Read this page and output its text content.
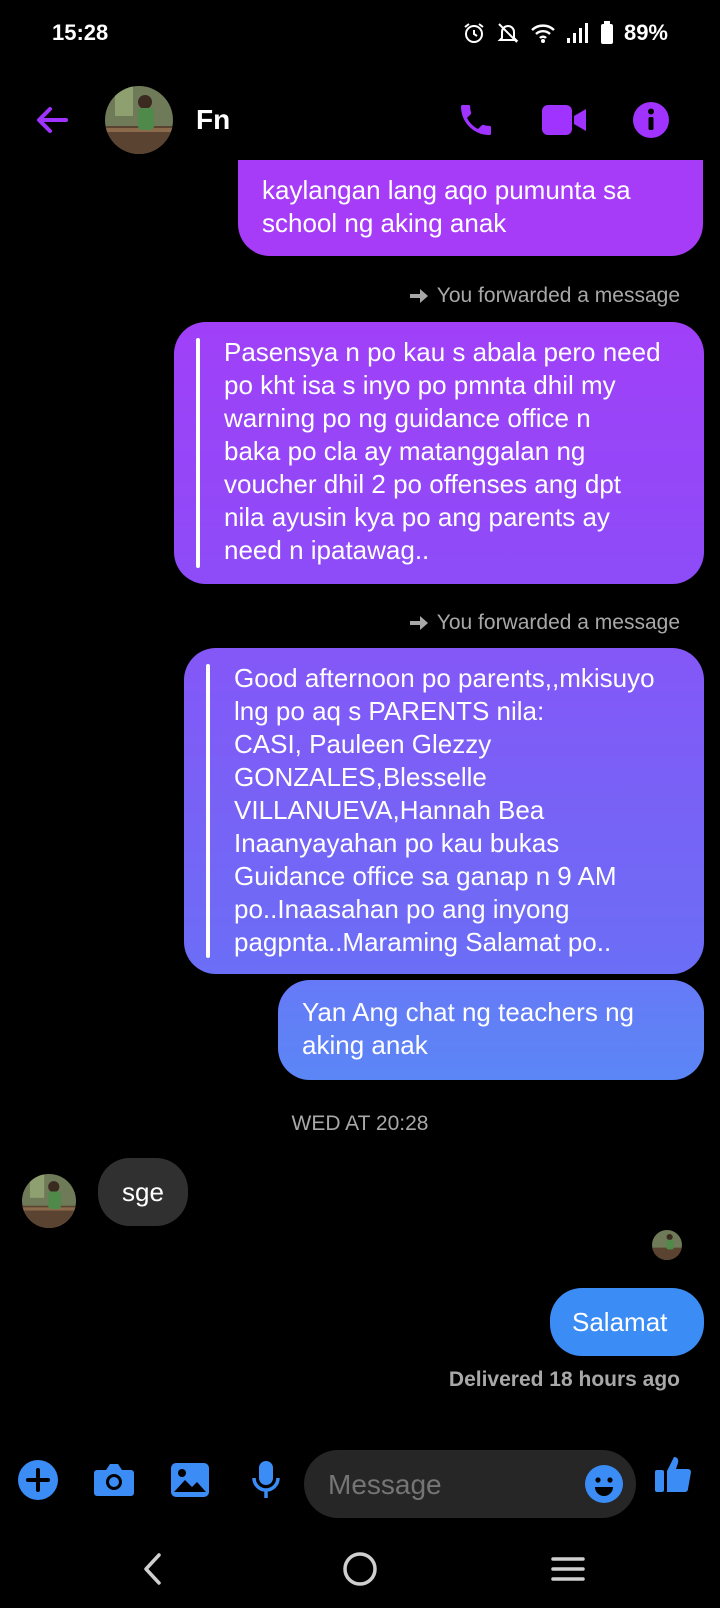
15:28	89%
Fn
kaylangan lang aqo pumunta sa
school ng aking anak
You forwarded a message
Pasensya n po kau s abala pero need
po kht isa s inyo po pmnta dhil my
warning po ng guidance office n
baka po cla ay matanggalan ng
voucher dhil 2 po offenses ang dpt
nila ayusin kya po ang parents ay
need n ipatawag..
You forwarded a message
Good afternoon po parents,,mkisuyo
lng po aq s PARENTS nila:
CASI, Pauleen Glezzy
GONZALES,Blesselle
VILLANUEVA,Hannah Bea
Inaanyayahan po kau bukas
Guidance office sa ganap n 9 AM
po..Inaasahan po ang inyong
pagpnta..Maraming Salamat po..
Yan Ang chat ng teachers ng
aking anak
WED AT 20:28
sge
Salamat
Delivered 18 hours ago
Message
